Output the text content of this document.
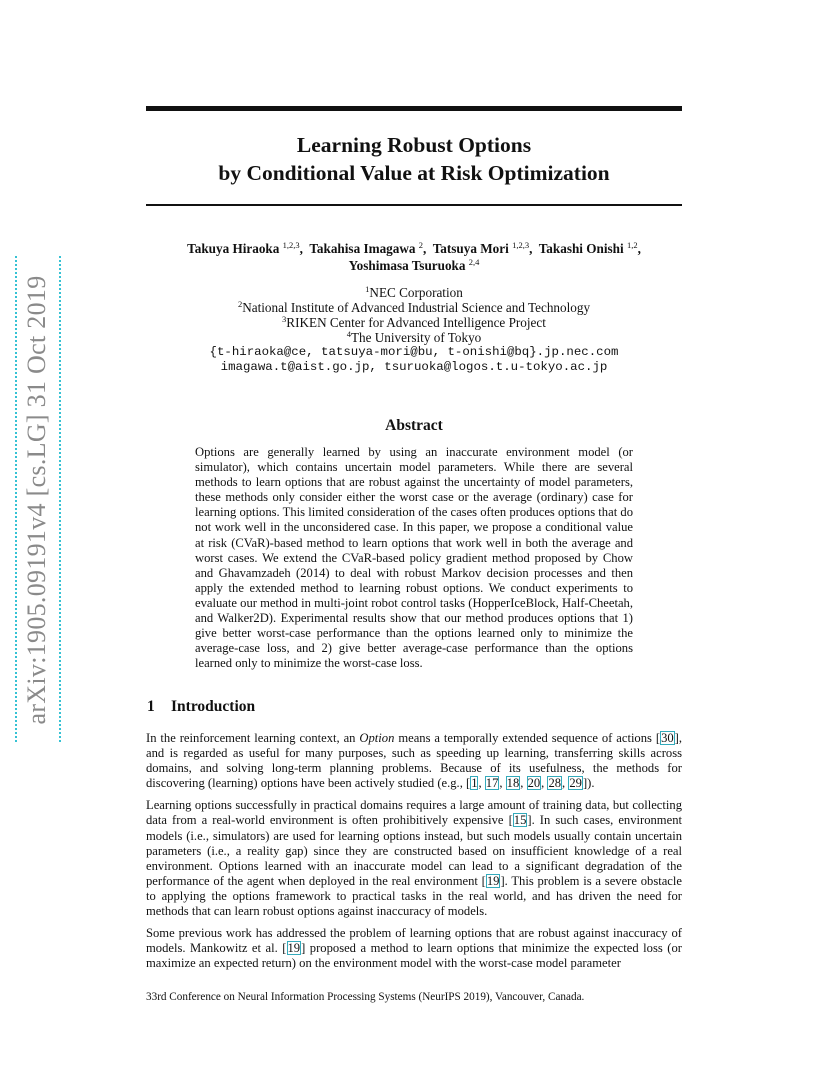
arXiv:1905.09191v4 [cs.LG] 31 Oct 2019
Learning Robust Options
by Conditional Value at Risk Optimization
Takuya Hiraoka $^{1,2,3}$,  Takahisa Imagawa $^2$,  Tatsuya Mori $^{1,2,3}$,  Takashi Onishi $^{1,2}$,
Yoshimasa Tsuruoka $^{2,4}$
$^1$NEC Corporation
$^2$National Institute of Advanced Industrial Science and Technology
$^3$RIKEN Center for Advanced Intelligence Project
$^4$The University of Tokyo
{t-hiraoka@ce, tatsuya-mori@bu, t-onishi@bq}.jp.nec.com
imagawa.t@aist.go.jp, tsuruoka@logos.t.u-tokyo.ac.jp
Abstract

Options are generally learned by using an inaccurate environment model (or simulator), which contains uncertain model parameters. While there are several methods to learn options that are robust against the uncertainty of model parameters, these methods only consider either the worst case or the average (ordinary) case for learning options. This limited consideration of the cases often produces options that do not work well in the unconsidered case. In this paper, we propose a conditional value at risk (CVaR)-based method to learn options that work well in both the average and worst cases. We extend the CVaR-based policy gradient method proposed by Chow and Ghavamzadeh (2014) to deal with robust Markov decision processes and then apply the extended method to learning robust options. We conduct experiments to evaluate our method in multi-joint robot control tasks (HopperIceBlock, Half-Cheetah, and Walker2D). Experimental results show that our method produces options that 1) give better worst-case performance than the options learned only to minimize the average-case loss, and 2) give better average-case performance than the options learned only to minimize the worst-case loss.

1 Introduction

In the reinforcement learning context, an Option means a temporally extended sequence of actions [30], and is regarded as useful for many purposes, such as speeding up learning, transferring skills across domains, and solving long-term planning problems. Because of its usefulness, the methods for discovering (learning) options have been actively studied (e.g., [1, 17, 18, 20, 28, 29]).

Learning options successfully in practical domains requires a large amount of training data, but collecting data from a real-world environment is often prohibitively expensive [15]. In such cases, environment models (i.e., simulators) are used for learning options instead, but such models usually contain uncertain parameters (i.e., a reality gap) since they are constructed based on insufficient knowledge of a real environment. Options learned with an inaccurate model can lead to a significant degradation of the performance of the agent when deployed in the real environment [19]. This problem is a severe obstacle to applying the options framework to practical tasks in the real world, and has driven the need for methods that can learn robust options against inaccuracy of models.

Some previous work has addressed the problem of learning options that are robust against inaccuracy of models. Mankowitz et al. [19] proposed a method to learn options that minimize the expected loss (or maximize an expected return) on the environment model with the worst-case model parameter

33rd Conference on Neural Information Processing Systems (NeurIPS 2019), Vancouver, Canada.
